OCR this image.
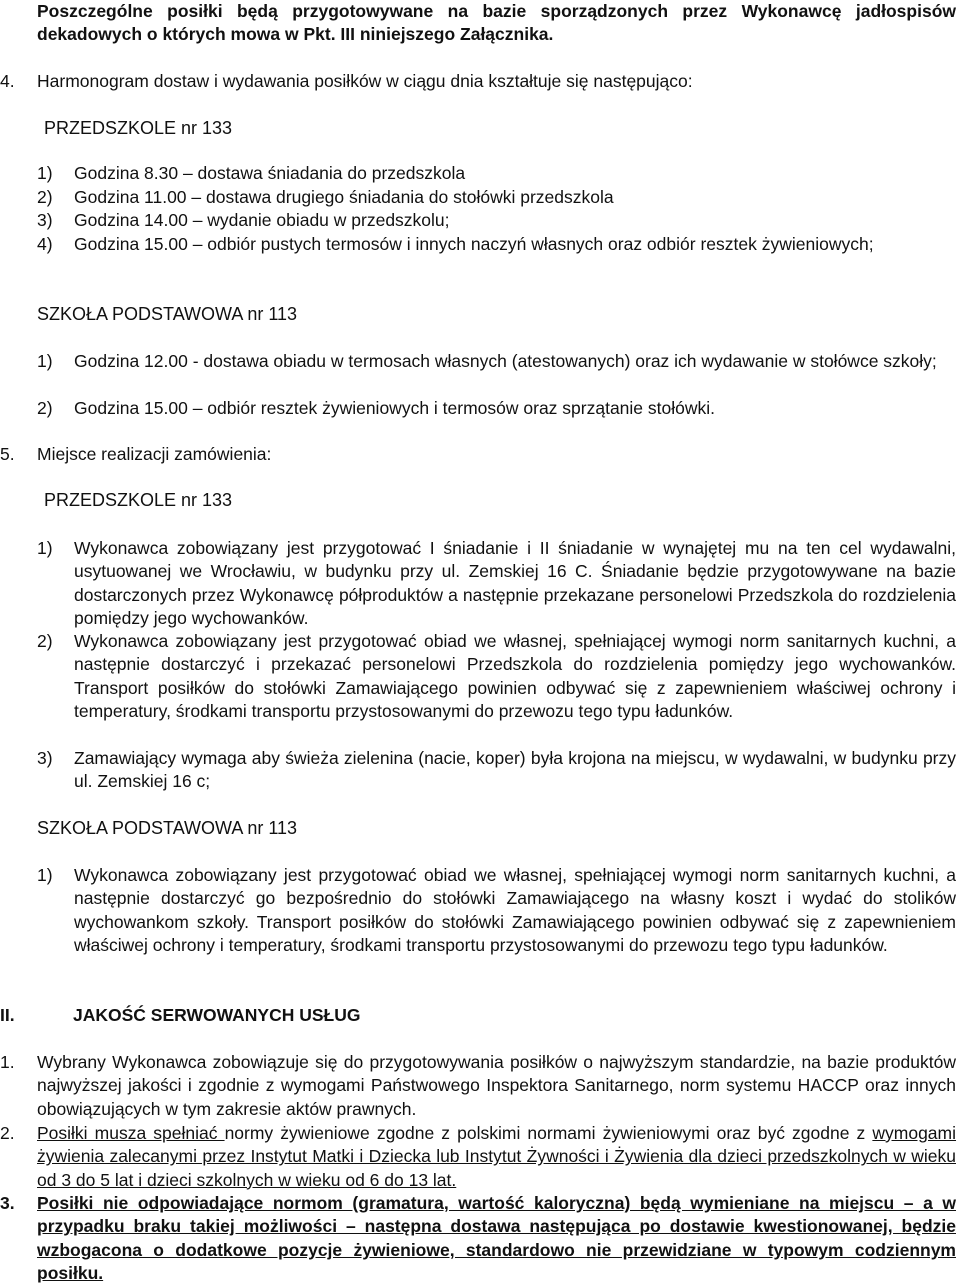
Poszczególne posiłki będą przygotowywane na bazie sporządzonych przez Wykonawcę jadłospisów dekadowych o których mowa w Pkt. III niniejszego Załącznika.
4.	Harmonogram dostaw i wydawania posiłków w ciągu dnia kształtuje się następująco:
PRZEDSZKOLE nr 133
1)	Godzina 8.30 – dostawa śniadania do przedszkola
2)	Godzina 11.00 – dostawa drugiego śniadania do stołówki przedszkola
3)	Godzina 14.00 – wydanie obiadu w przedszkolu;
4)	Godzina 15.00 – odbiór pustych termosów i innych naczyń własnych oraz odbiór resztek żywieniowych;
SZKOŁA PODSTAWOWA nr 113
1)	Godzina 12.00 - dostawa obiadu w termosach własnych (atestowanych) oraz ich wydawanie w stołówce szkoły;
2)	Godzina 15.00 – odbiór resztek żywieniowych i termosów oraz sprzątanie stołówki.
5.	Miejsce realizacji zamówienia:
PRZEDSZKOLE nr 133
1)	Wykonawca zobowiązany jest przygotować I śniadanie i II śniadanie w wynajętej mu na ten cel wydawalni, usytuowanej we Wrocławiu, w budynku przy ul. Zemskiej 16 C. Śniadanie będzie przygotowywane na bazie dostarczonych przez Wykonawcę półproduktów a następnie przekazane personelowi Przedszkola do rozdzielenia pomiędzy jego wychowanków.
2)	Wykonawca zobowiązany jest przygotować obiad we własnej, spełniającej wymogi norm sanitarnych kuchni, a następnie dostarczyć i przekazać personelowi Przedszkola do rozdzielenia pomiędzy jego wychowanków. Transport posiłków do stołówki Zamawiającego powinien odbywać się z zapewnieniem właściwej ochrony i temperatury, środkami transportu przystosowanymi do przewozu tego typu ładunków.
3)	Zamawiający wymaga aby świeża zielenina (nacie, koper) była krojona na miejscu, w wydawalni, w budynku przy ul. Zemskiej 16 c;
SZKOŁA PODSTAWOWA nr 113
1)	Wykonawca zobowiązany jest przygotować obiad we własnej, spełniającej wymogi norm sanitarnych kuchni, a następnie dostarczyć go bezpośrednio do stołówki Zamawiającego na własny koszt i wydać do stolików wychowankom szkoły. Transport posiłków do stołówki Zamawiającego powinien odbywać się z zapewnieniem właściwej ochrony i temperatury, środkami transportu przystosowanymi do przewozu tego typu ładunków.
II.	JAKOŚĆ SERWOWANYCH USŁUG
1.	Wybrany Wykonawca zobowiązuje się do przygotowywania posiłków o najwyższym standardzie, na bazie produktów najwyższej jakości i zgodnie z wymogami Państwowego Inspektora Sanitarnego, norm systemu HACCP oraz innych obowiązujących w tym zakresie aktów prawnych.
2.	Posiłki musza spełniać normy żywieniowe zgodne z polskimi normami żywieniowymi oraz być zgodne z wymogami żywienia zalecanymi przez Instytut Matki i Dziecka lub Instytut Żywności i Żywienia dla dzieci przedszkolnych w wieku od 3 do 5 lat i dzieci szkolnych w wieku od 6 do 13 lat.
3.	Posiłki nie odpowiadające normom (gramatura, wartość kaloryczna) będą wymieniane na miejscu – a w przypadku braku takiej możliwości – następna dostawa następująca po dostawie kwestionowanej, będzie wzbogacona o dodatkowe pozycje żywieniowe, standardowo nie przewidziane w typowym codziennym posiłku.
